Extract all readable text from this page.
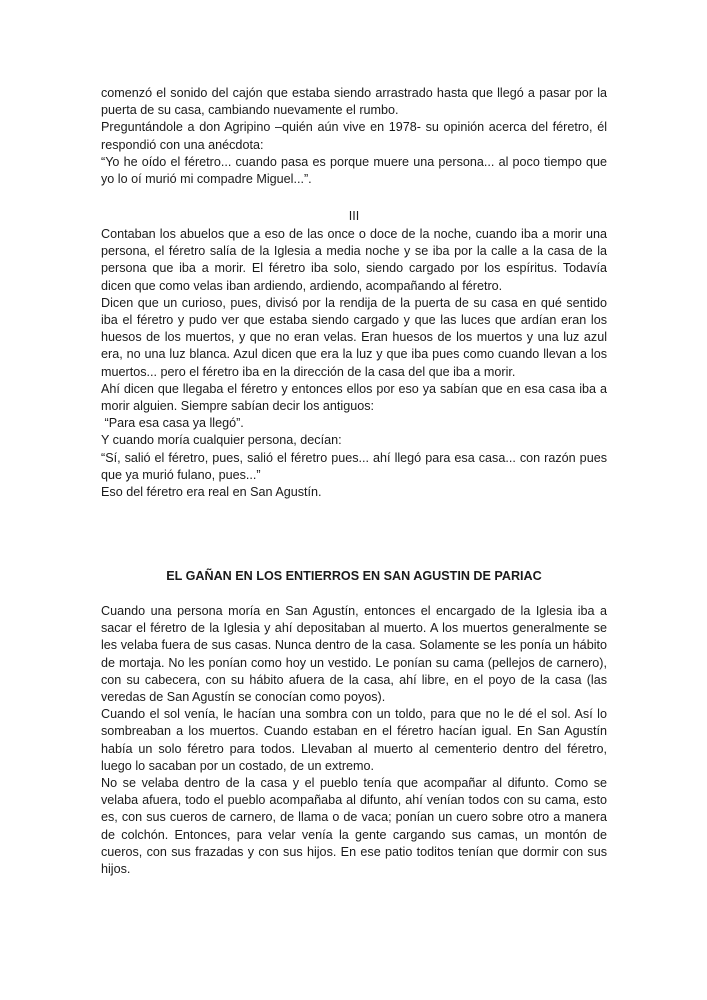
comenzó el sonido del cajón que estaba siendo arrastrado hasta que llegó a pasar por la puerta de su casa, cambiando nuevamente el rumbo.

Preguntándole a don Agripino –quién aún vive en 1978- su opinión acerca del féretro, él respondió con una anécdota:

“Yo he oído el féretro... cuando pasa es porque muere una persona... al poco tiempo que yo lo oí murió mi compadre Miguel...”.

III

Contaban los abuelos que a eso de las once o doce de la noche, cuando iba a morir una persona, el féretro salía de la Iglesia a media noche y se iba por la calle a la casa de la persona que iba a morir. El féretro iba solo, siendo cargado por los espíritus. Todavía dicen que como velas iban ardiendo, ardiendo, acompañando al féretro.

Dicen que un curioso, pues, divisó por la rendija de la puerta de su casa en qué sentido iba el féretro y pudo ver que estaba siendo cargado y que las luces que ardían eran los huesos de los muertos, y que no eran velas. Eran huesos de los muertos y una luz azul era, no una luz blanca. Azul dicen que era la luz y que iba pues como cuando llevan a los muertos... pero el féretro iba en la dirección de la casa del que iba a morir.

Ahí dicen que llegaba el féretro y entonces ellos por eso ya sabían que en esa casa iba a morir alguien. Siempre sabían decir los antiguos:

“Para esa casa ya llegó”.

Y cuando moría cualquier persona, decían:

“Sí, salió el féretro, pues, salió el féretro pues... ahí llegó para esa casa... con razón pues que ya murió fulano, pues...”

Eso del féretro era real en San Agustín.

EL GAÑAN EN LOS ENTIERROS EN SAN AGUSTIN DE PARIAC

Cuando una persona moría en San Agustín, entonces el encargado de la Iglesia iba a sacar el féretro de la Iglesia y ahí depositaban al muerto. A los muertos generalmente se les velaba fuera de sus casas. Nunca dentro de la casa. Solamente se les ponía un hábito de mortaja. No les ponían como hoy un vestido. Le ponían su cama (pellejos de carnero), con su cabecera, con su hábito afuera de la casa, ahí libre, en el poyo de la casa (las veredas de San Agustín se conocían como poyos).

Cuando el sol venía, le hacían una sombra con un toldo, para que no le dé el sol. Así lo sombreaban a los muertos. Cuando estaban en el féretro hacían igual. En San Agustín había un solo féretro para todos. Llevaban al muerto al cementerio dentro del féretro, luego lo sacaban por un costado, de un extremo.

No se velaba dentro de la casa y el pueblo tenía que acompañar al difunto. Como se velaba afuera, todo el pueblo acompañaba al difunto, ahí venían todos con su cama, esto es, con sus cueros de carnero, de llama o de vaca; ponían un cuero sobre otro a manera de colchón. Entonces, para velar venía la gente cargando sus camas, un montón de cueros, con sus frazadas y con sus hijos. En ese patio toditos tenían que dormir con sus hijos.
